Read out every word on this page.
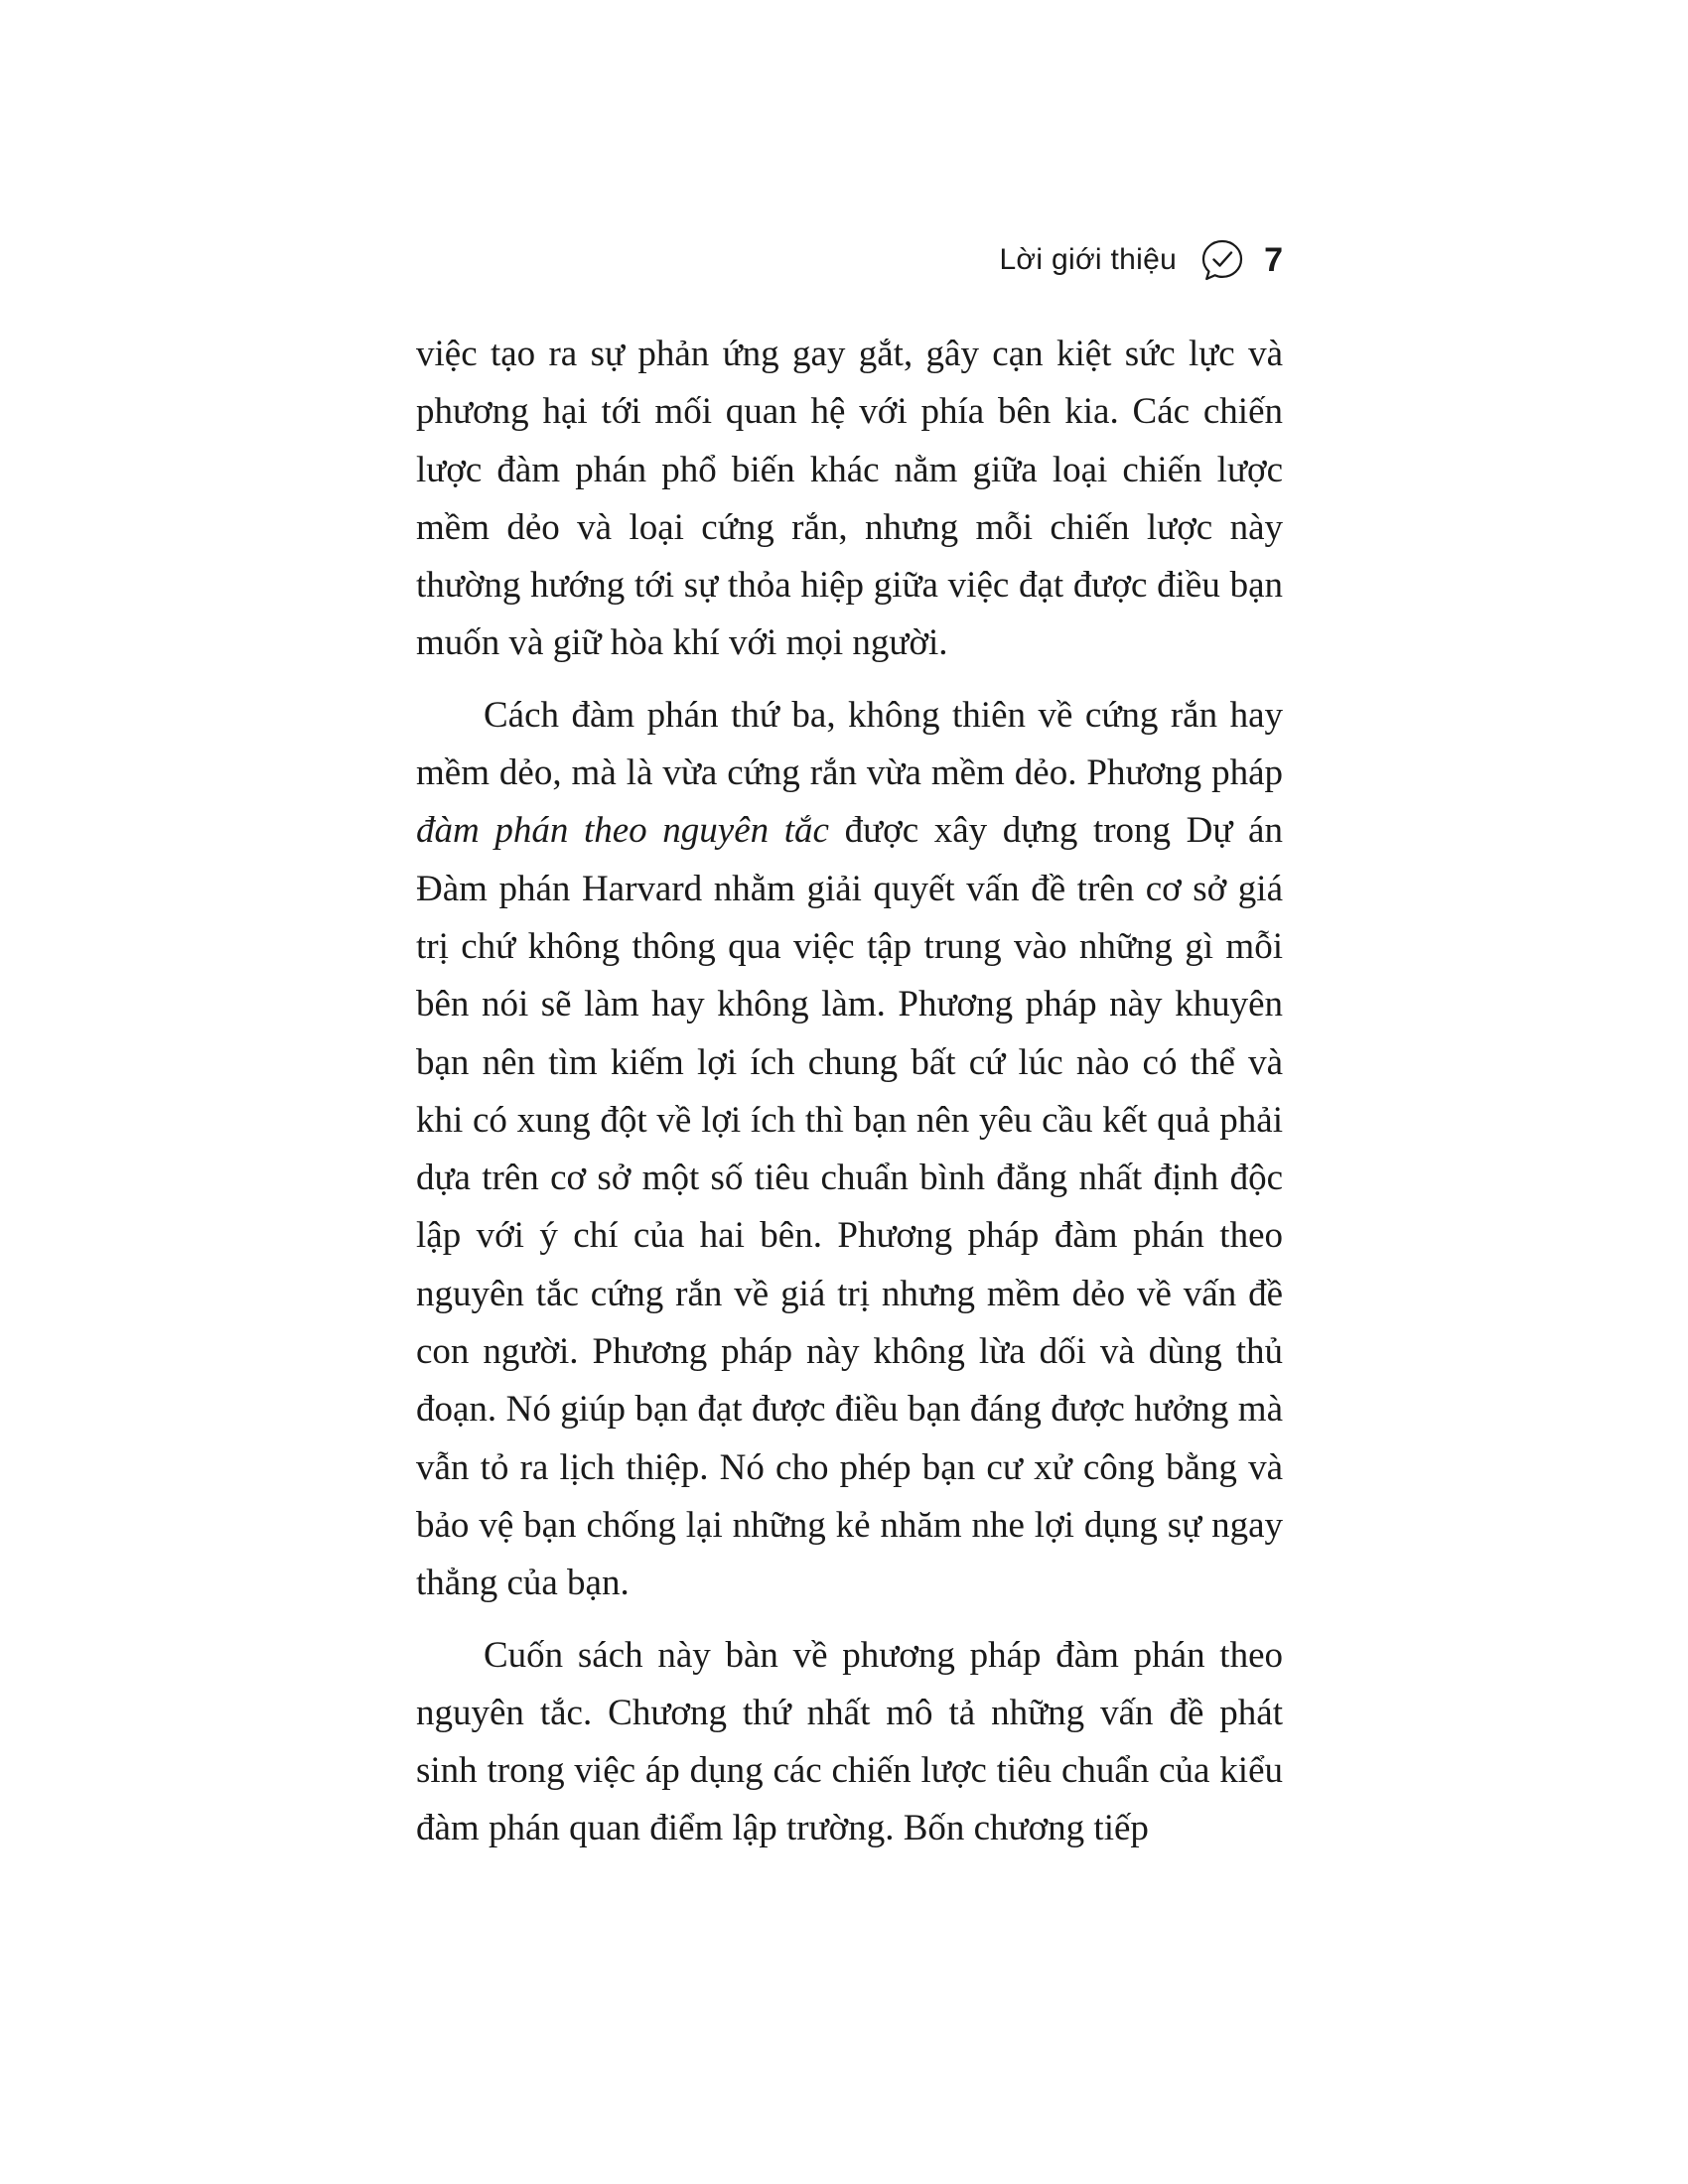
Lời giới thiệu	7

việc tạo ra sự phản ứng gay gắt, gây cạn kiệt sức lực và phương hại tới mối quan hệ với phía bên kia. Các chiến lược đàm phán phổ biến khác nằm giữa loại chiến lược mềm dẻo và loại cứng rắn, nhưng mỗi chiến lược này thường hướng tới sự thỏa hiệp giữa việc đạt được điều bạn muốn và giữ hòa khí với mọi người.

Cách đàm phán thứ ba, không thiên về cứng rắn hay mềm dẻo, mà là vừa cứng rắn vừa mềm dẻo. Phương pháp đàm phán theo nguyên tắc được xây dựng trong Dự án Đàm phán Harvard nhằm giải quyết vấn đề trên cơ sở giá trị chứ không thông qua việc tập trung vào những gì mỗi bên nói sẽ làm hay không làm. Phương pháp này khuyên bạn nên tìm kiếm lợi ích chung bất cứ lúc nào có thể và khi có xung đột về lợi ích thì bạn nên yêu cầu kết quả phải dựa trên cơ sở một số tiêu chuẩn bình đẳng nhất định độc lập với ý chí của hai bên. Phương pháp đàm phán theo nguyên tắc cứng rắn về giá trị nhưng mềm dẻo về vấn đề con người. Phương pháp này không lừa dối và dùng thủ đoạn. Nó giúp bạn đạt được điều bạn đáng được hưởng mà vẫn tỏ ra lịch thiệp. Nó cho phép bạn cư xử công bằng và bảo vệ bạn chống lại những kẻ nhăm nhe lợi dụng sự ngay thẳng của bạn.

Cuốn sách này bàn về phương pháp đàm phán theo nguyên tắc. Chương thứ nhất mô tả những vấn đề phát sinh trong việc áp dụng các chiến lược tiêu chuẩn của kiểu đàm phán quan điểm lập trường. Bốn chương tiếp
